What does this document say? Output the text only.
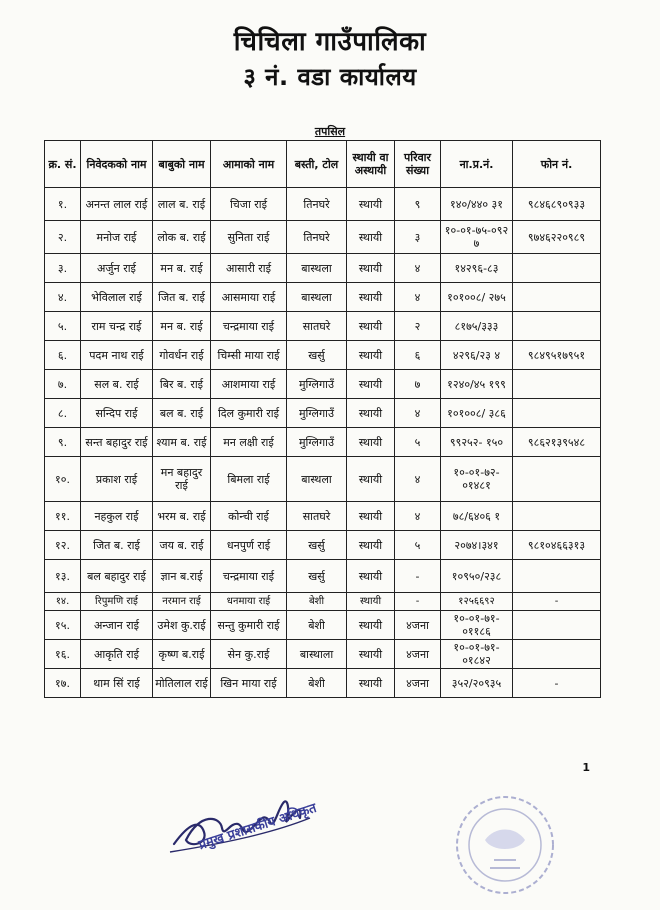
चिचिला गाउँपालिका
३ नं. वडा कार्यालय
तपसिल
क्र. सं.	निवेदकको नाम	बाबुको नाम	आमाको नाम	बस्ती, टोल	स्थायी वा अस्थायी	परिवार संख्या	ना.प्र.नं.	फोन नं.
१.	अनन्त लाल राई	लाल ब. राई	चिजा राई	तिनघरे	स्थायी	९	१४०/४४० ३१	९८४६८९०९३३
२.	मनोज राई	लोक ब. राई	सुनिता राई	तिनघरे	स्थायी	३	१०-०१-७५-०९२७	९७४६२२०९८९
३.	अर्जुन राई	मन ब. राई	आसारी राई	बास्थला	स्थायी	४	१४२९६-८३	
४.	भेविलाल राई	जित ब. राई	आसमाया राई	बास्थला	स्थायी	४	१०१००८/ २७५	
५.	राम चन्द्र राई	मन ब. राई	चन्द्रमाया राई	सातघरे	स्थायी	२	८१७५/३३३	
६.	पदम नाथ राई	गोवर्धन राई	चिम्सी माया राई	खर्सु	स्थायी	६	४२९६/२३ ४	९८४९५१७९५१
७.	सल ब. राई	बिर ब. राई	आशमाया राई	मुग्लिगाउँ	स्थायी	७	१२४०/४५ १९९	
८.	सन्दिप राई	बल ब. राई	दिल कुमारी राई	मुग्लिगाउँ	स्थायी	४	१०१००८/ ३८६	
९.	सन्त बहादुर राई	श्याम ब. राई	मन लक्षी राई	मुग्लिगाउँ	स्थायी	५	९९२५२- १५०	९८६२१३९५४८
१०.	प्रकाश राई	मन बहादुर राई	बिमला राई	बास्थला	स्थायी	४	१०-०१-७२- ०१४८१	
११.	नहकुल राई	भरम ब. राई	कोन्ची राई	सातघरे	स्थायी	४	७८/६४०६ १	
१२.	जित ब. राई	जय ब. राई	धनपुर्ण राई	खर्सु	स्थायी	५	२०७४।३४१	९८१०४६६३१३
१३.	बल बहादुर राई	ज्ञान ब.राई	चन्द्रमाया राई	खर्सु	स्थायी	-	१०९५०/२३८	
१४.	रिपुमणि राई	नरमान राई	धनमाया राई	बेशी	स्थायी	-	१२५६६९२	-
१५.	अन्जान राई	उमेश कु.राई	सन्तु कुमारी राई	बेशी	स्थायी	४जना	१०-०१-७१- ०११८६	
१६.	आकृति राई	कृष्ण ब.राई	सेन कु.राई	बास्थाला	स्थायी	४जना	१०-०१-७१- ०१८४२	
१७.	थाम सिं राई	मोतिलाल राई	खिन माया राई	बेशी	स्थायी	४जना	३५२/२०९३५	-
1
प्रमुख प्रशासकीय अधिकृत
